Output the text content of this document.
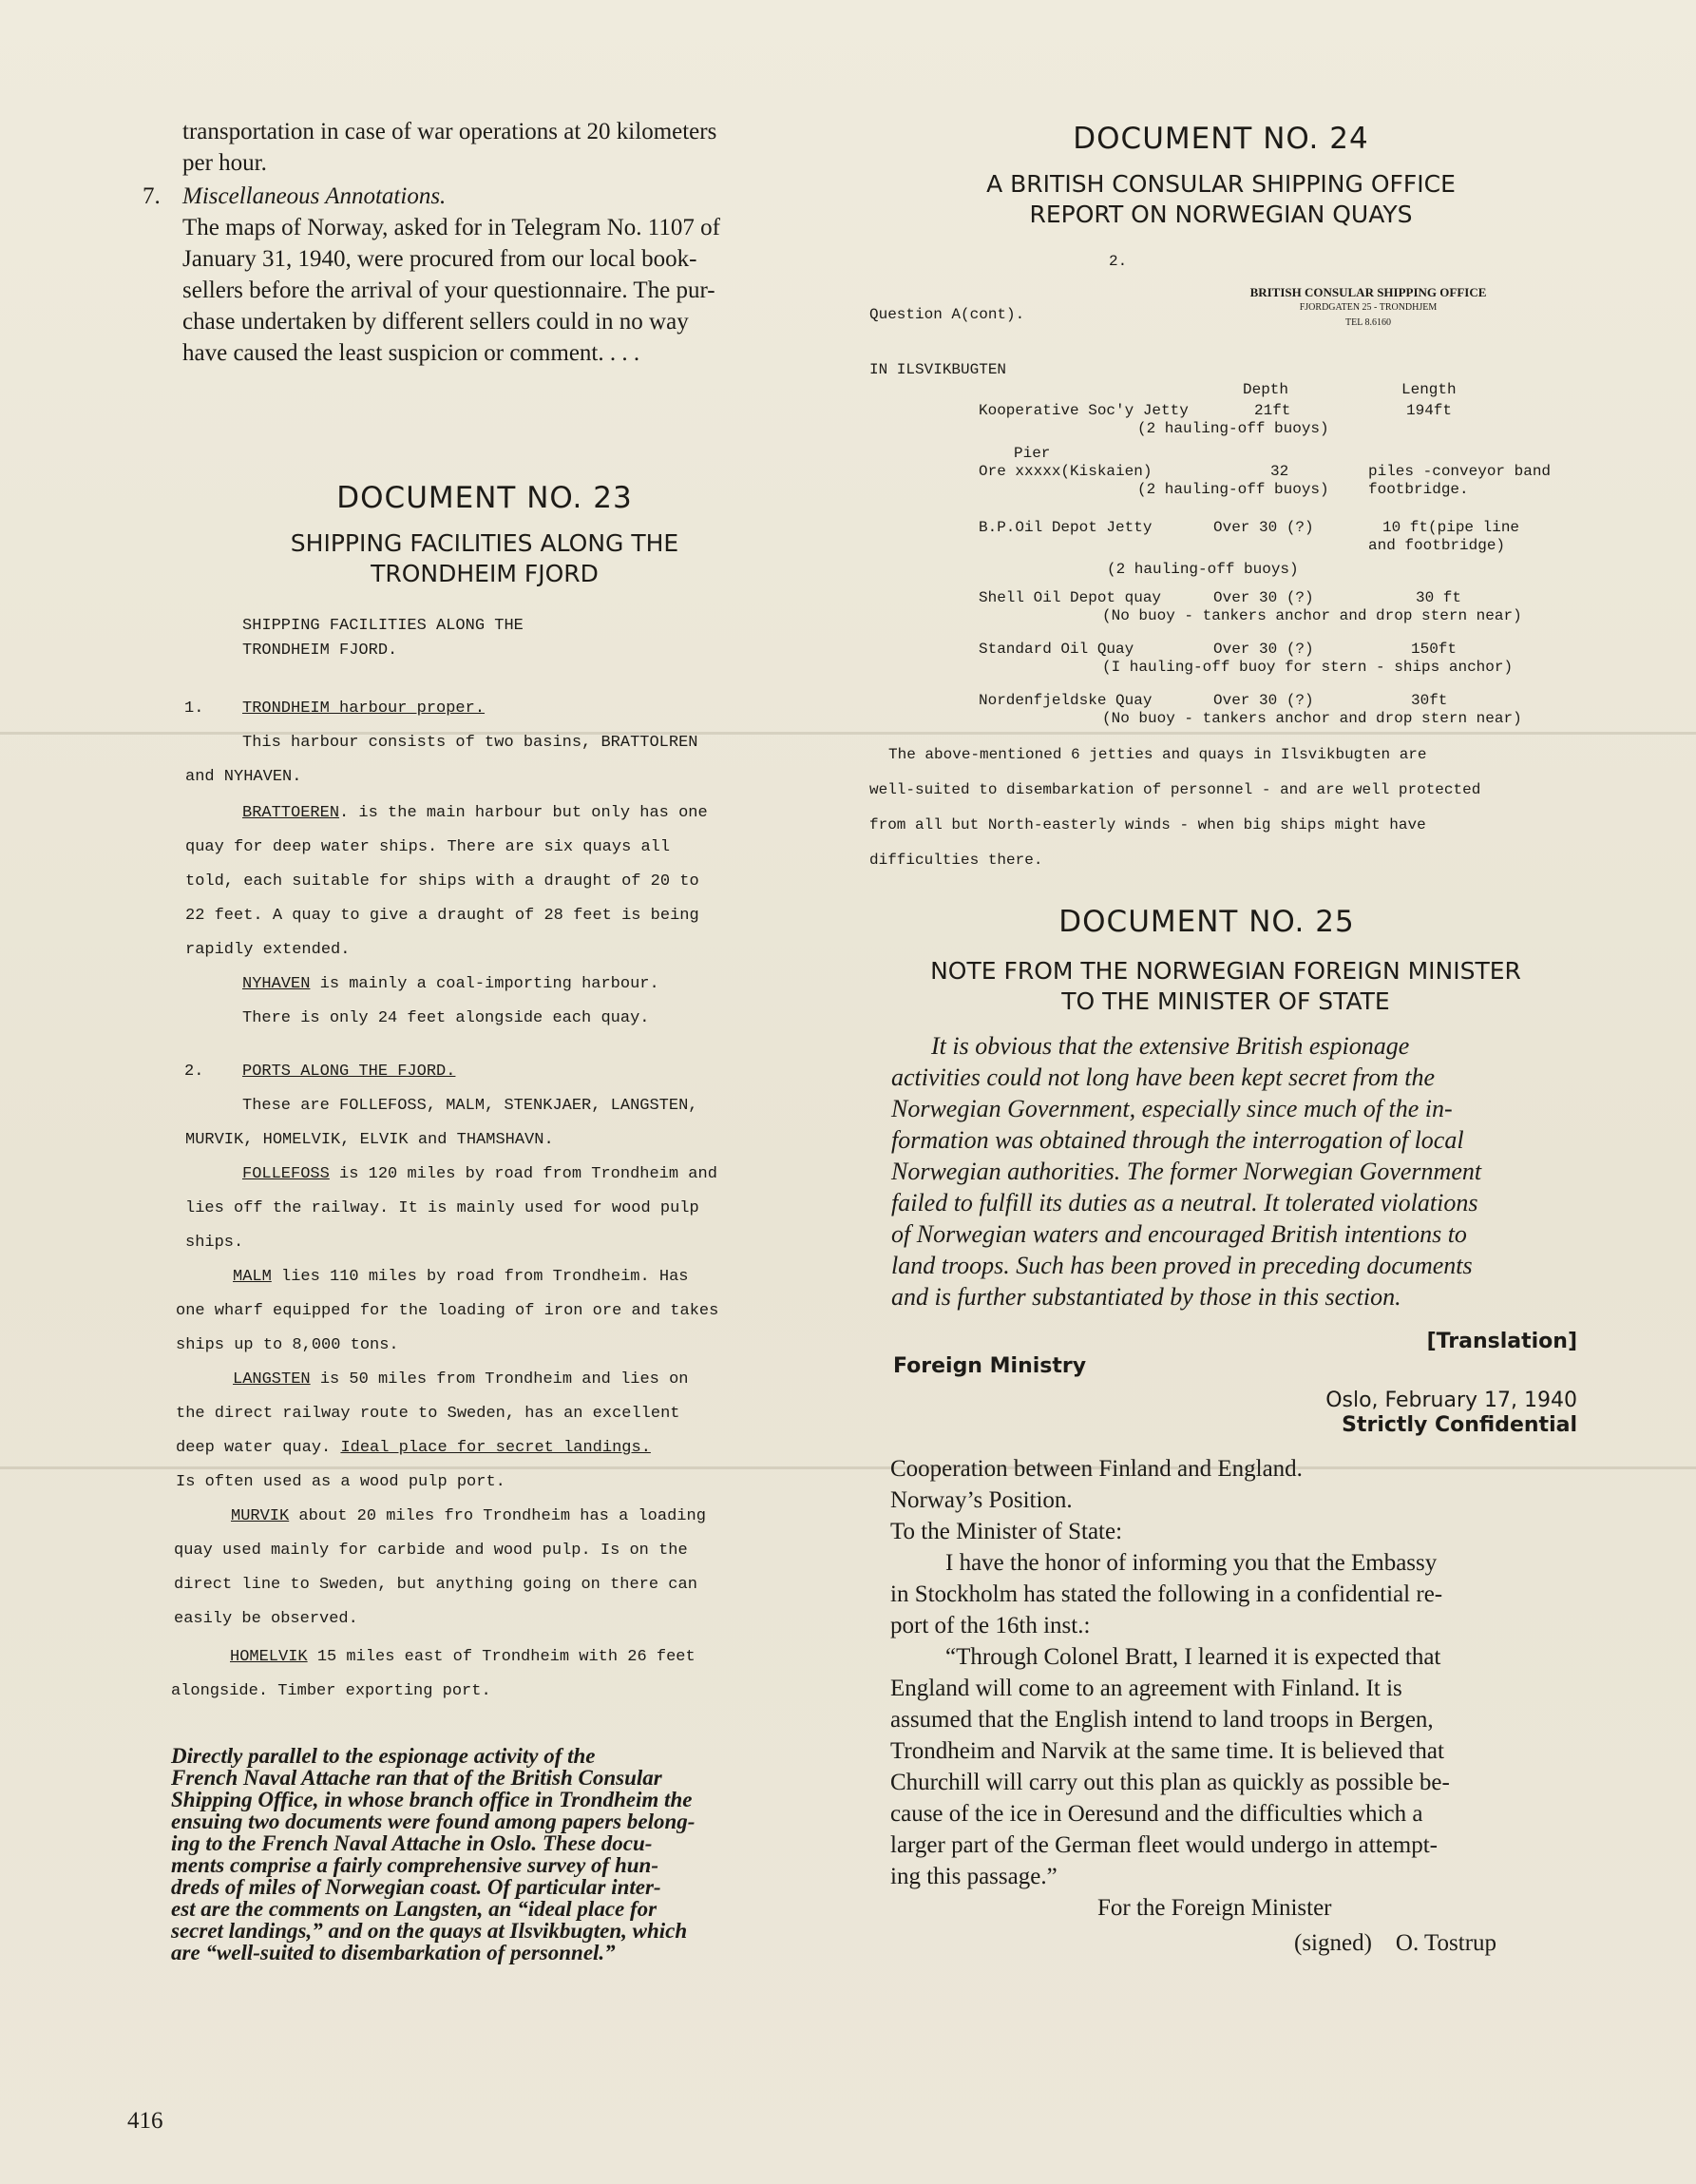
transportation in case of war operations at 20 kilometers

per hour.

7. Miscellaneous Annotations.

The maps of Norway, asked for in Telegram No. 1107 of

January 31, 1940, were procured from our local book-

sellers before the arrival of your questionnaire. The pur-

chase undertaken by different sellers could in no way

have caused the least suspicion or comment. . . .

DOCUMENT NO. 23

SHIPPING FACILITIES ALONG THE

TRONDHEIM FJORD

SHIPPING FACILITIES ALONG THE

TRONDHEIM FJORD.

1. TRONDHEIM harbour proper.

This harbour consists of two basins, BRATTOLREN

and NYHAVEN.

BRATTOEREN. is the main harbour but only has one

quay for deep water ships. There are six quays all

told, each suitable for ships with a draught of 20 to

22 feet. A quay to give a draught of 28 feet is being

rapidly extended.

NYHAVEN is mainly a coal-importing harbour.

There is only 24 feet alongside each quay.

2. PORTS ALONG THE FJORD.

These are FOLLEFOSS, MALM, STENKJAER, LANGSTEN,

MURVIK, HOMELVIK, ELVIK and THAMSHAVN.

FOLLEFOSS is 120 miles by road from Trondheim and

lies off the railway. It is mainly used for wood pulp

ships.

MALM lies 110 miles by road from Trondheim. Has

one wharf equipped for the loading of iron ore and takes

ships up to 8,000 tons.

LANGSTEN is 50 miles from Trondheim and lies on

the direct railway route to Sweden, has an excellent

deep water quay. Ideal place for secret landings.

Is often used as a wood pulp port.

MURVIK about 20 miles fro Trondheim has a loading

quay used mainly for carbide and wood pulp. Is on the

direct line to Sweden, but anything going on there can

easily be observed.

HOMELVIK 15 miles east of Trondheim with 26 feet

alongside. Timber exporting port.

Directly parallel to the espionage activity of the

French Naval Attache ran that of the British Consular

Shipping Office, in whose branch office in Trondheim the

ensuing two documents were found among papers belong-

ing to the French Naval Attache in Oslo. These docu-

ments comprise a fairly comprehensive survey of hun-

dreds of miles of Norwegian coast. Of particular inter-

est are the comments on Langsten, an “ideal place for

secret landings,” and on the quays at Ilsvikbugten, which

are “well-suited to disembarkation of personnel.”

416

DOCUMENT NO. 24

A BRITISH CONSULAR SHIPPING OFFICE

REPORT ON NORWEGIAN QUAYS

2.

BRITISH CONSULAR SHIPPING OFFICE

FJORDGATEN 25 - TRONDHJEM

TEL 8.6160

Question A(cont).
IN ILSVIKBUGTEN
Depth	Length
Kooperative Soc'y Jetty	21ft	194ft
(2 hauling-off buoys)
Pier
Ore xxxxx(Kiskaien)	32	piles -conveyor band
(2 hauling-off buoys)	footbridge.
B.P.Oil Depot Jetty	Over 30 (?)	10 ft(pipe line
and footbridge)
(2 hauling-off buoys)
Shell Oil Depot quay	Over 30 (?)	30 ft
(No buoy - tankers anchor and drop stern near)
Standard Oil Quay	Over 30 (?)	150ft
(I hauling-off buoy for stern - ships anchor)
Nordenfjeldske Quay	Over 30 (?)	30ft
(No buoy - tankers anchor and drop stern near)

The above-mentioned 6 jetties and quays in Ilsvikbugten are

well-suited to disembarkation of personnel - and are well protected

from all but North-easterly winds - when big ships might have

difficulties there.

DOCUMENT NO. 25

NOTE FROM THE NORWEGIAN FOREIGN MINISTER

TO THE MINISTER OF STATE

It is obvious that the extensive British espionage

activities could not long have been kept secret from the

Norwegian Government, especially since much of the in-

formation was obtained through the interrogation of local

Norwegian authorities. The former Norwegian Government

failed to fulfill its duties as a neutral. It tolerated violations

of Norwegian waters and encouraged British intentions to

land troops. Such has been proved in preceding documents

and is further substantiated by those in this section.

[Translation]
Foreign Ministry
Oslo, February 17, 1940
Strictly Confidential

Cooperation between Finland and England.

Norway’s Position.

To the Minister of State:

I have the honor of informing you that the Embassy

in Stockholm has stated the following in a confidential re-

port of the 16th inst.:

“Through Colonel Bratt, I learned it is expected that

England will come to an agreement with Finland. It is

assumed that the English intend to land troops in Bergen,

Trondheim and Narvik at the same time. It is believed that

Churchill will carry out this plan as quickly as possible be-

cause of the ice in Oeresund and the difficulties which a

larger part of the German fleet would undergo in attempt-

ing this passage.”

For the Foreign Minister

(signed) O. Tostrup
